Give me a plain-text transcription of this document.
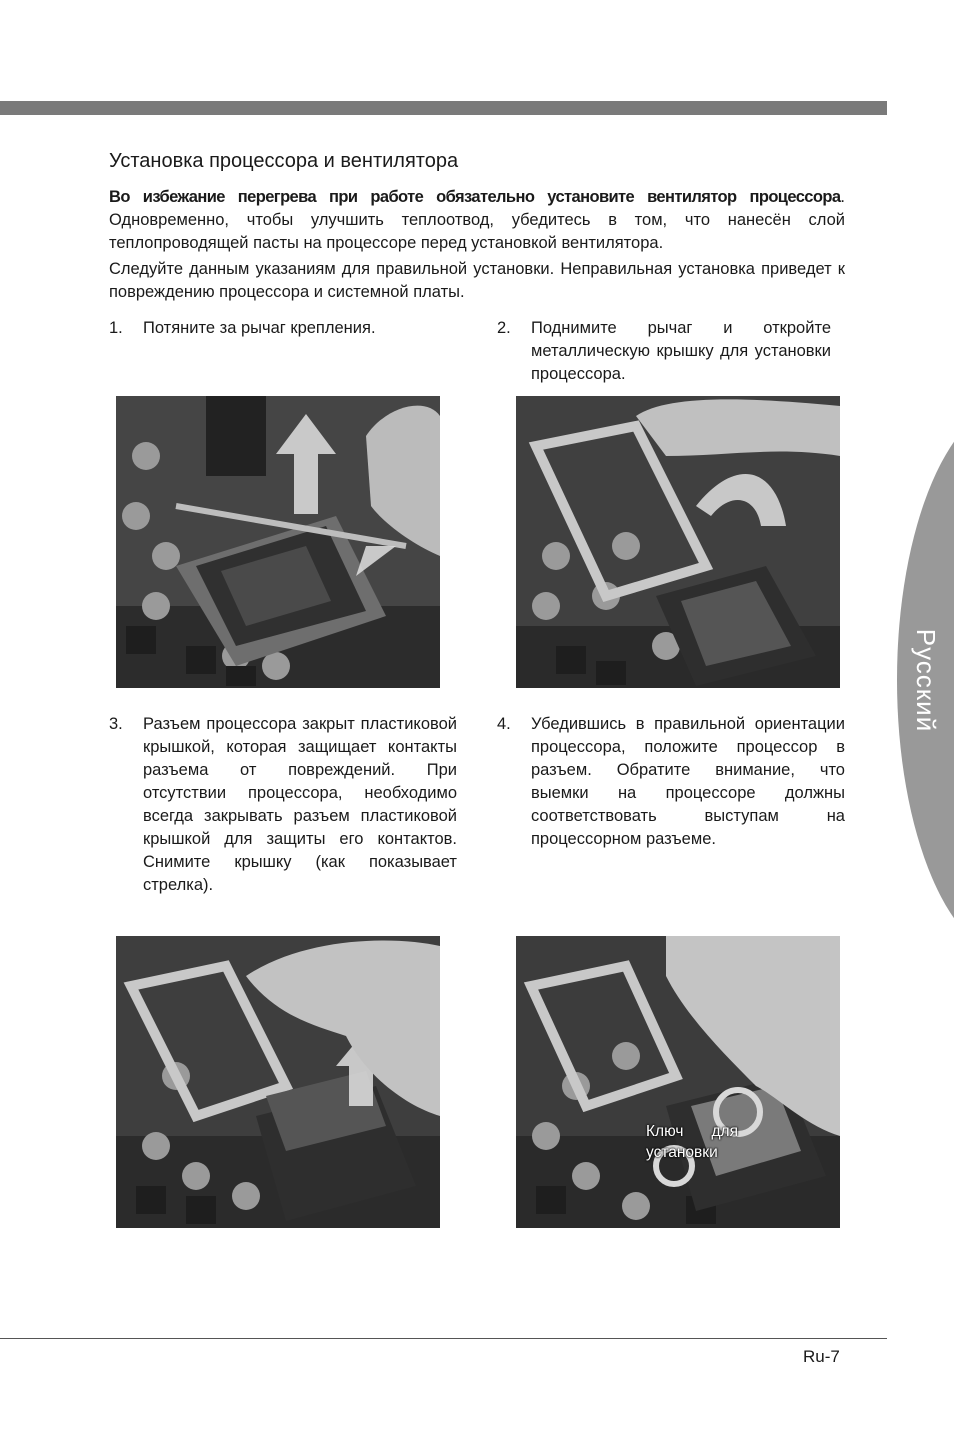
Русский
Установка процессора и вентилятора

Во избежание перегрева при работе обязательно установите вентилятор процессора. Одновременно, чтобы улучшить теплоотвод, убедитесь в том, что нанесён слой теплопроводящей пасты на процессоре перед установкой вентилятора.

Следуйте данным указаниям для правильной установки. Неправильная установка приведет к повреждению процессора и системной платы.

1.	Потяните за рычаг крепления.	2.	Поднимите рычаг и откройте металлическую крышку для установки процессора.
3.	Разъем процессора закрыт пластиковой крышкой, которая защищает контакты разъема от повреждений. При отсутствии процессора, необходимо всегда закрывать разъем пластиковой крышкой для защиты его контактов. Снимите крышку (как показывает стрелка).
4.	Убедившись в правильной ориентации процессора, положите процессор в разъем. Обратите внимание, что выемки на процессоре должны соответствовать выступам на процессорном разъеме.
Ключ для
установки
Ru-7
